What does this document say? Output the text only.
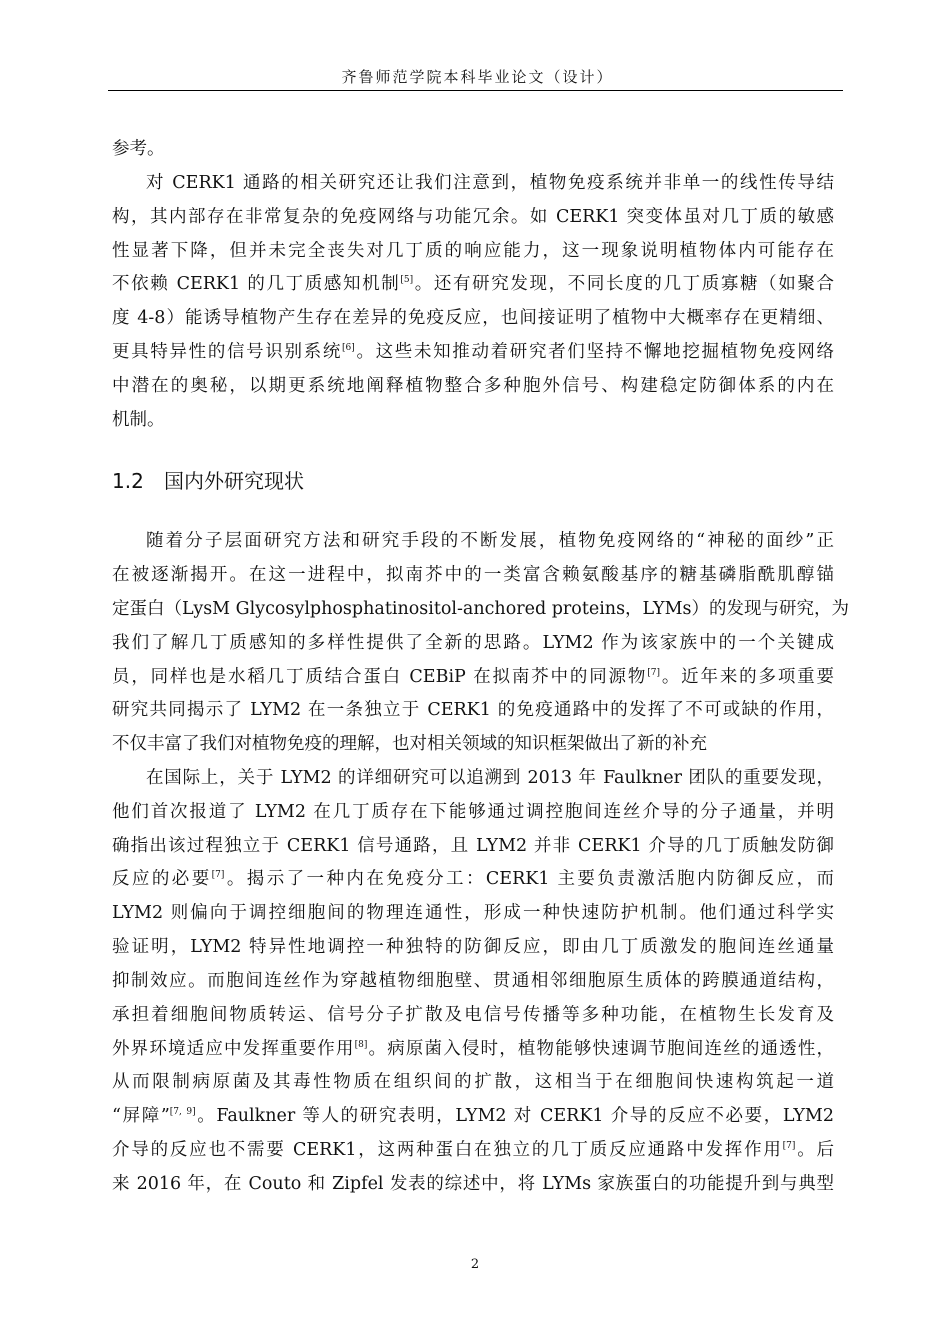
齐鲁师范学院本科毕业论文（设计）
参考。
对 CERK1 通路的相关研究还让我们注意到，植物免疫系统并非单一的线性传导结
构，其内部存在非常复杂的免疫网络与功能冗余。如 CERK1 突变体虽对几丁质的敏感
性显著下降，但并未完全丧失对几丁质的响应能力，这一现象说明植物体内可能存在
不依赖 CERK1 的几丁质感知机制[5]。还有研究发现，不同长度的几丁质寡糖（如聚合
度 4-8）能诱导植物产生存在差异的免疫反应，也间接证明了植物中大概率存在更精细、
更具特异性的信号识别系统[6]。这些未知推动着研究者们坚持不懈地挖掘植物免疫网络
中潜在的奥秘，以期更系统地阐释植物整合多种胞外信号、构建稳定防御体系的内在
机制。
1.2 国内外研究现状
随着分子层面研究方法和研究手段的不断发展，植物免疫网络的“神秘的面纱”正
在被逐渐揭开。在这一进程中，拟南芥中的一类富含赖氨酸基序的糖基磷脂酰肌醇锚
定蛋白（LysM Glycosylphosphatinositol-anchored proteins，LYMs）的发现与研究，为
我们了解几丁质感知的多样性提供了全新的思路。LYM2 作为该家族中的一个关键成
员，同样也是水稻几丁质结合蛋白 CEBiP 在拟南芥中的同源物[7]。近年来的多项重要
研究共同揭示了 LYM2 在一条独立于 CERK1 的免疫通路中的发挥了不可或缺的作用，
不仅丰富了我们对植物免疫的理解，也对相关领域的知识框架做出了新的补充
在国际上，关于 LYM2 的详细研究可以追溯到 2013 年 Faulkner 团队的重要发现，
他们首次报道了 LYM2 在几丁质存在下能够通过调控胞间连丝介导的分子通量，并明
确指出该过程独立于 CERK1 信号通路，且 LYM2 并非 CERK1 介导的几丁质触发防御
反应的必要[7]。揭示了一种内在免疫分工：CERK1 主要负责激活胞内防御反应，而
LYM2 则偏向于调控细胞间的物理连通性，形成一种快速防护机制。他们通过科学实
验证明，LYM2 特异性地调控一种独特的防御反应，即由几丁质激发的胞间连丝通量
抑制效应。而胞间连丝作为穿越植物细胞壁、贯通相邻细胞原生质体的跨膜通道结构，
承担着细胞间物质转运、信号分子扩散及电信号传播等多种功能，在植物生长发育及
外界环境适应中发挥重要作用[8]。病原菌入侵时，植物能够快速调节胞间连丝的通透性，
从而限制病原菌及其毒性物质在组织间的扩散，这相当于在细胞间快速构筑起一道
“屏障”[7, 9]。Faulkner 等人的研究表明，LYM2 对 CERK1 介导的反应不必要，LYM2
介导的反应也不需要 CERK1，这两种蛋白在独立的几丁质反应通路中发挥作用[7]。后
来 2016 年，在 Couto 和 Zipfel 发表的综述中，将 LYMs 家族蛋白的功能提升到与典型
2
